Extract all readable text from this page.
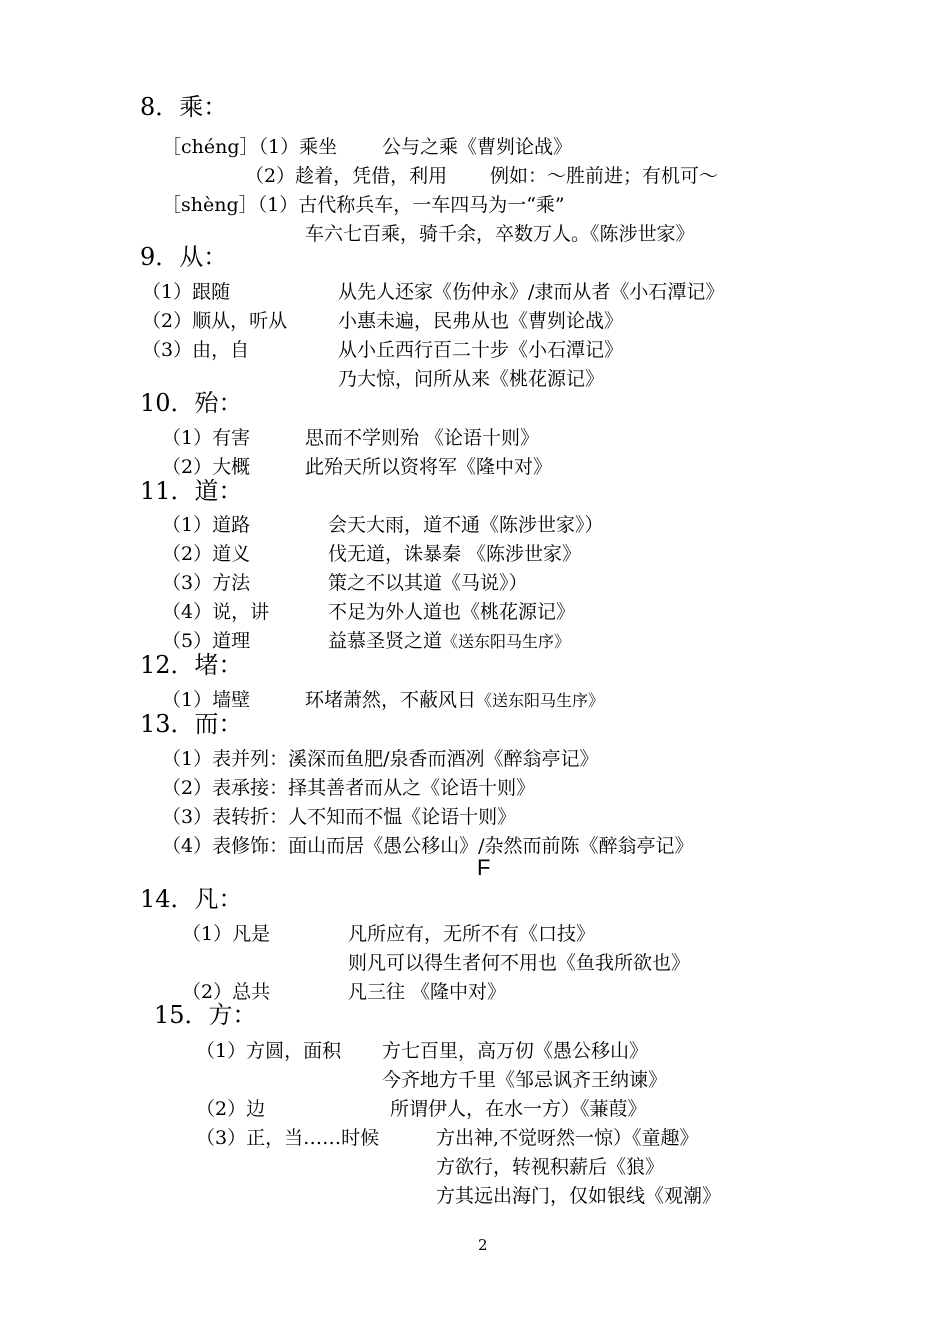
8．乘：
［chéng］（1）乘坐 公与之乘《曹刿论战》
（2）趁着，凭借，利用 例如：～胜前进；有机可～
［shèng］（1）古代称兵车，一车四马为一“乘”
车六七百乘，骑千余，卒数万人。《陈涉世家》
9．从：
（1）跟随	从先人还家《伤仲永》/隶而从者《小石潭记》
（2）顺从，听从	小惠未遍，民弗从也《曹刿论战》
（3）由，自	从小丘西行百二十步《小石潭记》
乃大惊，问所从来《桃花源记》
10．殆：
（1）有害	思而不学则殆 《论语十则》
（2）大概	此殆天所以资将军《隆中对》
11．道：
（1）道路	会天大雨，道不通《陈涉世家》）
（2）道义	伐无道，诛暴秦 《陈涉世家》
（3）方法	策之不以其道《马说》）
（4）说，讲	不足为外人道也《桃花源记》
（5）道理	益慕圣贤之道《送东阳马生序》
12．堵：
（1）墙壁	环堵萧然，不蔽风日《送东阳马生序》
13．而：
（1）表并列：溪深而鱼肥/泉香而酒冽《醉翁亭记》
（2）表承接：择其善者而从之《论语十则》
（3）表转折：人不知而不愠《论语十则》
（4）表修饰：面山而居《愚公移山》/杂然而前陈《醉翁亭记》
F
14．凡：
（1）凡是	凡所应有，无所不有《口技》
则凡可以得生者何不用也《鱼我所欲也》
（2）总共	凡三往 《隆中对》
15．方：
（1）方圆，面积 方七百里，高万仞《愚公移山》
今齐地方千里《邹忌讽齐王纳谏》
（2）边	所谓伊人，在水一方）《蒹葭》
（3）正，当……时候	方出神,不觉呀然一惊）《童趣》
方欲行，转视积薪后《狼》
方其远出海门，仅如银线《观潮》
2
